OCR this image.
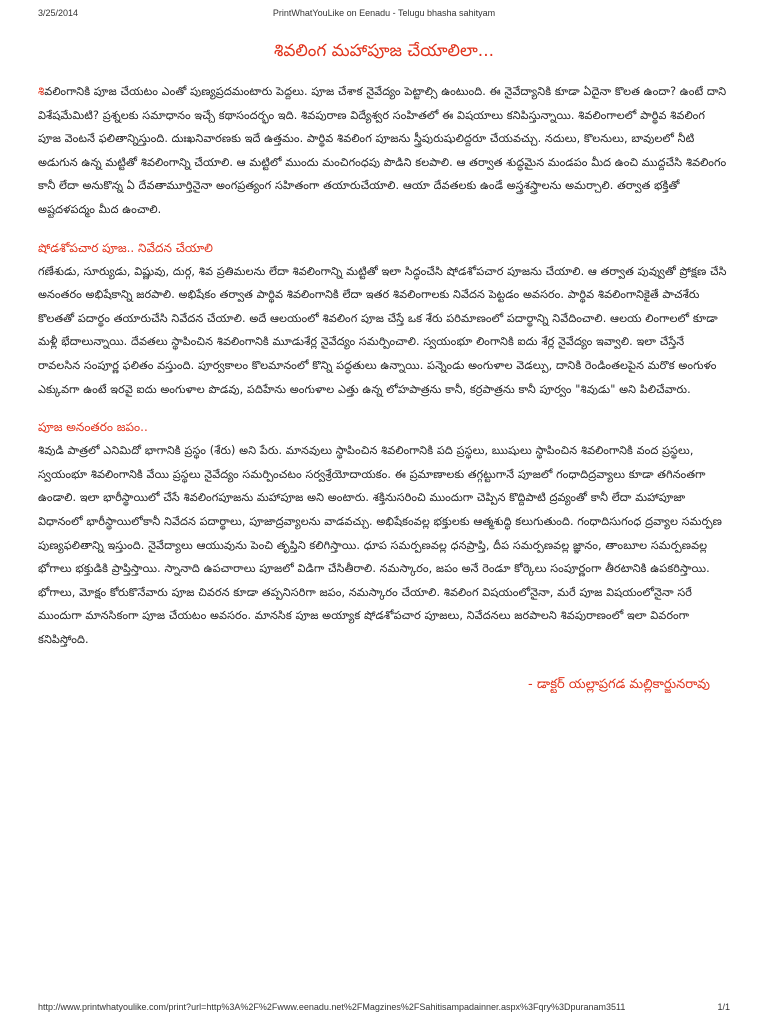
3/25/2014	PrintWhatYouLike on Eenadu - Telugu bhasha sahityam
శివలింగ మహాపూజ చేయాలిలా...

శివలింగానికి పూజ చేయటం ఎంతో పుణ్యప్రదమంటారు పెద్దలు. పూజ చేశాక నైవేద్యం పెట్టాల్సి ఉంటుంది. ఈ నైవేద్యానికి కూడా ఏదైనా కొలత ఉందా? ఉంటే దాని విశేషమేమిటి? ప్రశ్నలకు సమాధానం ఇచ్చే కథాసందర్భం ఇది. శివపురాణ విద్యేశ్వర సంహితలో ఈ విషయాలు కనిపిస్తున్నాయి. శివలింగాలలో పార్థివ శివలింగ పూజ వెంటనే ఫలితాన్నిస్తుంది. దుఃఖనివారణకు ఇదే ఉత్తమం. పార్థివ శివలింగ పూజను స్త్రీపురుషులిద్దరూ చేయవచ్చు. నదులు, కొలనులు, బావులలో నీటి అడుగున ఉన్న మట్టితో శివలింగాన్ని చేయాలి. ఆ మట్టిలో ముందు మంచిగంధపు పొడిని కలపాలి. ఆ తర్వాత శుద్ధమైన మండపం మీద ఉంచి ముద్దచేసి శివలింగం కానీ లేదా అనుకొన్న ఏ దేవతామూర్తినైనా అంగప్రత్యంగ సహితంగా తయారుచేయాలి. ఆయా దేవతలకు ఉండే అస్త్రశస్త్రాలను అమర్చాలి. తర్వాత భక్తితో అష్టదళపద్మం మీద ఉంచాలి.

షోడశోపచార పూజ.. నివేదన చేయాలి

గణేశుడు, సూర్యుడు, విష్ణువు, దుర్గ, శివ ప్రతిమలను లేదా శివలింగాన్ని మట్టితో ఇలా సిద్ధంచేసి షోడశోపచార పూజను చేయాలి. ఆ తర్వాత పువ్వుతో ప్రోక్షణ చేసి అనంతరం అభిషేకాన్ని జరపాలి. అభిషేకం తర్వాత పార్థివ శివలింగానికి లేదా ఇతర శివలింగాలకు నివేదన పెట్టడం అవసరం. పార్థివ శివలింగానికైతే పాచశేరు కొలతతో పదార్థం తయారుచేసి నివేదన చేయాలి. అదే ఆలయంలో శివలింగ పూజ చేస్తే ఒక శేరు పరిమాణంలో పదార్థాన్ని నివేదించాలి. ఆలయ లింగాలలో కూడా మళ్లీ భేదాలున్నాయి. దేవతలు స్థాపించిన శివలింగానికి మూడుశేర్ల నైవేద్యం సమర్పించాలి. స్వయంభూ లింగానికి ఐదు శేర్ల నైవేద్యం ఇవ్వాలి. ఇలా చేస్తేనే రావలసిన సంపూర్ణ ఫలితం వస్తుంది. పూర్వకాలం కొలమానంలో కొన్ని పద్ధతులు ఉన్నాయి. పన్నెండు అంగుళాల వెడల్పు, దానికి రెండింతలపైన మరొక అంగుళం ఎక్కువగా ఉంటే ఇరవై ఐదు అంగుళాల పొడవు, పదిహేను అంగుళాల ఎత్తు ఉన్న లోహపాత్రను కానీ, కర్రపాత్రను కానీ పూర్వం "శివుడు" అని పిలిచేవారు.

పూజ అనంతరం జపం..

శివుడి పాత్రలో ఎనిమిదో భాగానికి ప్రస్థం (శేరు) అని పేరు. మానవులు స్థాపించిన శివలింగానికి పది ప్రస్థలు, ఋషులు స్థాపించిన శివలింగానికి వంద ప్రస్థలు, స్వయంభూ శివలింగానికి వేయి ప్రస్థలు నైవేద్యం సమర్పించటం సర్వశ్రేయోదాయకం. ఈ ప్రమాణాలకు తగ్గట్టుగానే పూజలో గంధాదిద్రవ్యాలు కూడా తగినంతగా ఉండాలి. ఇలా భారీస్థాయిలో చేసే శివలింగపూజను మహాపూజ అని అంటారు. శక్తినుసరించి ముందుగా చెప్పిన కొద్దిపాటి ద్రవ్యంతో కానీ లేదా మహాపూజా విధానంలో భారీస్థాయిలోకానీ నివేదన పదార్థాలు, పూజాద్రవ్యాలను వాడవచ్చు. అభిషేకంవల్ల భక్తులకు ఆత్మశుద్ధి కలుగుతుంది. గంధాదిసుగంధ ద్రవ్యాల సమర్పణ పుణ్యఫలితాన్ని ఇస్తుంది. నైవేద్యాలు ఆయువును పెంచి తృప్తిని కలిగిస్తాయి. ధూప సమర్పణవల్ల ధనప్రాప్తి, దీప సమర్పణవల్ల జ్ఞానం, తాంబూల సమర్పణవల్ల భోగాలు భక్తుడికి ప్రాప్తిస్తాయి. స్నానాది ఉపచారాలు పూజలో విడిగా చేసితీరాలి. నమస్కారం, జపం అనే రెండూ కోర్కెలు సంపూర్ణంగా తీరటానికి ఉపకరిస్తాయి. భోగాలు, మోక్షం కోరుకొనేవారు పూజ చివరన కూడా తప్పనిసరిగా జపం, నమస్కారం చేయాలి. శివలింగ విషయంలోనైనా, మరే పూజ విషయంలోనైనా సరే ముందుగా మానసికంగా పూజ చేయటం అవసరం. మానసిక పూజ అయ్యాక షోడశోపచార పూజలు, నివేదనలు జరపాలని శివపురాణంలో ఇలా వివరంగా కనిపిస్తోంది.

- డాక్టర్ యల్లాప్రగడ మల్లికార్జునరావు
http://www.printwhatyoulike.com/print?url=http%3A%2F%2Fwww.eenadu.net%2FMagzines%2FSahitisampadainner.aspx%3Fqry%3Dpuranam3511	1/1
